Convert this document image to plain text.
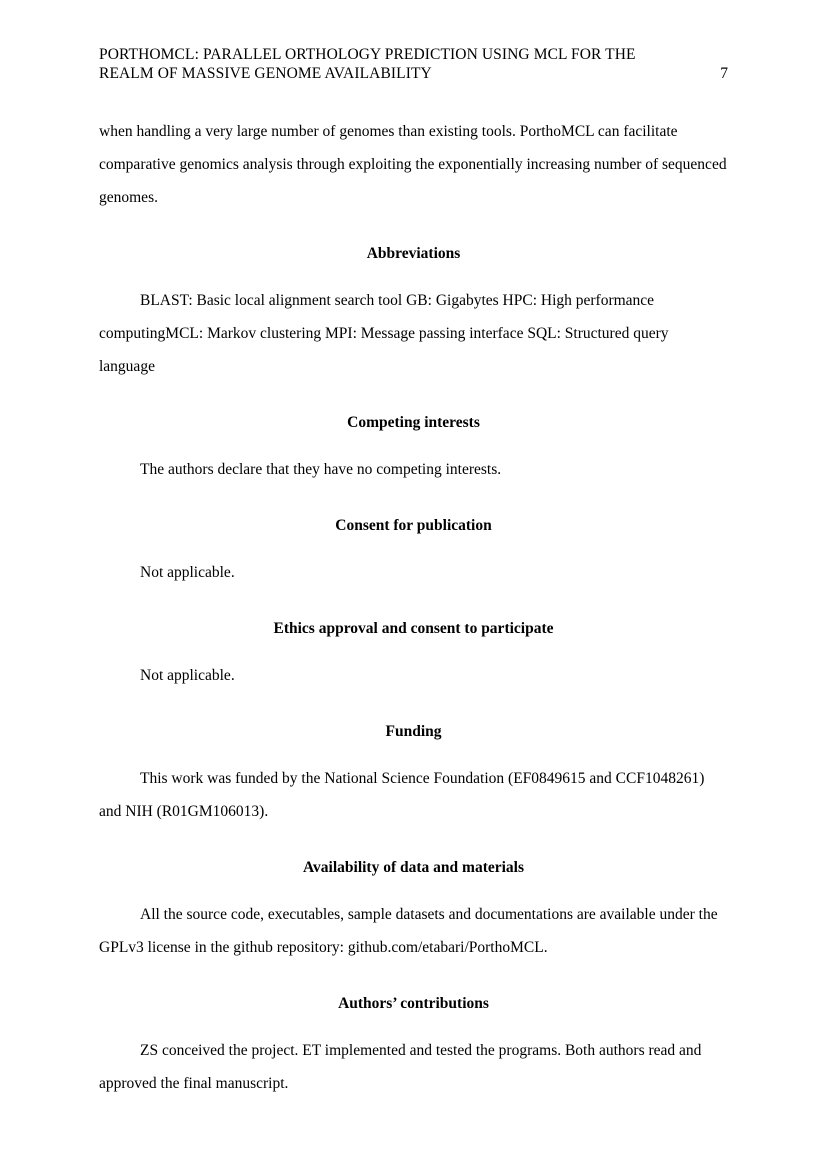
PORTHOMCL: PARALLEL ORTHOLOGY PREDICTION USING MCL FOR THE
REALM OF MASSIVE GENOME AVAILABILITY	7

when handling a very large number of genomes than existing tools. PorthoMCL can facilitate comparative genomics analysis through exploiting the exponentially increasing number of sequenced genomes.

Abbreviations

BLAST: Basic local alignment search tool GB: Gigabytes HPC: High performance computingMCL: Markov clustering MPI: Message passing interface SQL: Structured query language

Competing interests

The authors declare that they have no competing interests.

Consent for publication

Not applicable.

Ethics approval and consent to participate

Not applicable.

Funding

This work was funded by the National Science Foundation (EF0849615 and CCF1048261) and NIH (R01GM106013).

Availability of data and materials

All the source code, executables, sample datasets and documentations are available under the GPLv3 license in the github repository: github.com/etabari/PorthoMCL.

Authors’ contributions

ZS conceived the project. ET implemented and tested the programs. Both authors read and approved the final manuscript.
